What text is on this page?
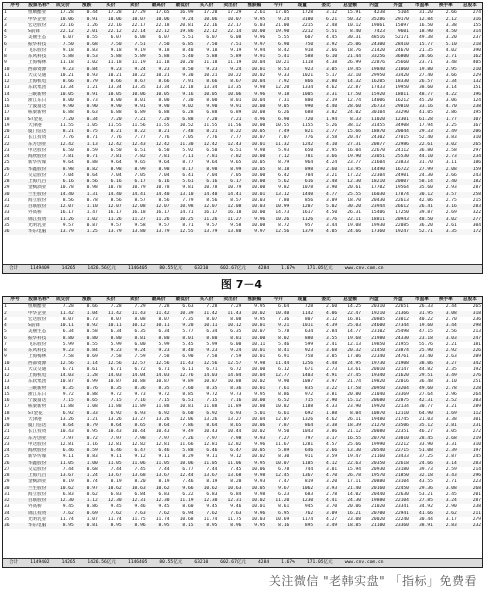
序号	股票名称*	成交价	涨跌	买价	卖价	最高价	最低价	买入价	卖出价	涨跌幅	今开	现量	委比	总金额	内盘	外盘	市盈率	换手率	总股本
1	恒顺醋业	17.28	0.44	17.28	17.29	17.65	16.99	17.28	17.29	2.61	17.05	1728	3.12	15.91	4238	5104	31.20	2.66	274
2	中华企业	10.06	0.91	10.06	10.07	10.06	9.24	10.06	10.07	9.95	9.24	3100	6.21	50.32	35286	29170	12.84	2.12	316
3	宏达股份	22.16	1.26	22.16	22.17	22.18	20.81	22.16	22.17	6.03	21.00	2215	2.48	10.12	19861	15097	16.50	3.38	155
4	S前锋	22.12	2.01	22.12	22.14	22.12	19.86	22.12	22.14	10.00	19.90	2212	5.51	8.40	7423	9601	18.90	4.50	314
5	美丽生态	6.07	0.55	6.07	6.08	6.07	5.51	6.07	6.08	9.96	5.55	607	4.45	30.31	48516	52171	49.38	3.20	237
6	振华科技	7.50	0.68	7.50	7.51	7.50	6.85	7.50	7.51	9.97	6.90	750	3.92	25.06	24300	28410	15.77	5.10	218
7	飞乐股份	9.18	0.83	9.18	9.19	9.18	8.40	9.18	9.19	9.94	8.42	918	2.66	18.76	21420	24670	21.35	4.02	390
8	东风科技	5.88	0.53	5.88	5.89	5.88	5.40	5.88	5.89	9.91	5.41	588	6.10	21.44	33256	36800	28.66	2.71	162
9	上海梅林	11.18	1.02	11.18	11.19	11.18	10.20	11.18	11.19	10.04	10.21	1118	4.38	26.99	22876	25660	23.71	3.48	405
10	西部资源	9.23	0.84	9.23	9.24	9.23	8.50	9.23	9.24	10.01	8.53	923	3.05	19.45	19840	21060	19.80	2.95	210
11	大众交通	10.21	0.93	10.21	10.22	10.21	9.30	10.21	10.22	10.02	9.33	1021	5.17	32.10	29950	33420	27.40	3.66	229
12	上海机电	8.66	0.79	8.66	8.67	8.66	7.91	8.66	8.67	10.04	7.92	866	2.80	14.32	16205	18330	26.57	2.34	132
13	东软集团	13.34	1.21	13.34	13.35	13.34	12.18	13.34	13.35	9.98	12.20	1334	4.62	22.87	17433	19950	38.60	3.14	151
14	三峡新材	10.05	0.91	10.05	10.06	10.05	9.16	10.05	10.06	9.96	9.18	1005	3.31	17.50	15920	18011	48.77	4.22	196
15	浙江东日	8.00	0.73	8.00	8.01	8.00	7.30	8.00	8.01	10.04	7.31	800	2.19	12.74	14006	16212	45.20	3.06	124
16	宁波富达	9.90	0.90	9.90	9.91	9.90	9.02	9.90	9.91	10.00	9.05	990	4.40	28.60	26733	29810	33.16	4.70	238
17	栋梁新材	6.88	0.63	6.88	6.89	6.88	6.28	6.88	6.89	10.08	6.26	688	3.82	24.02	30104	33290	41.05	2.86	195
18	ST金花	7.20	0.34	7.20	7.21	7.20	6.88	7.20	7.21	4.96	6.90	720	1.94	8.33	11020	12301	61.28	1.77	107
19	天津港	11.55	1.05	11.55	11.56	11.55	10.52	11.55	11.56	10.00	10.55	1155	5.26	38.12	31455	34908	17.94	3.25	167
20	厦门信达	8.21	0.75	8.21	8.22	8.21	7.48	8.21	8.22	10.05	7.49	821	2.77	15.66	18870	20044	29.33	2.49	206
21	长江投资	7.76	0.71	7.76	7.77	7.76	7.05	7.76	7.77	10.07	7.07	776	3.58	20.47	24302	27015	52.40	3.83	310
22	东方创业	12.42	1.13	12.42	12.43	12.42	11.30	12.42	12.43	10.01	11.32	1242	4.10	27.31	20877	22986	22.61	3.02	265
23	申达股份	6.50	0.59	6.50	6.51	6.50	5.92	6.50	6.51	9.98	5.93	650	2.95	16.04	22670	24112	36.80	2.58	297
24	海欣股份	7.81	0.71	7.81	7.82	7.81	7.11	7.81	7.82	10.00	7.12	781	3.66	19.90	23051	25530	44.10	2.73	234
25	新华传媒	9.64	0.88	9.64	9.65	9.64	8.77	9.64	9.65	10.05	8.79	964	4.24	23.77	21604	23833	31.70	3.11	186
26	华鑫股份	8.98	0.82	8.98	8.99	8.98	8.17	8.98	8.99	10.05	8.18	898	2.60	13.95	14490	16722	27.99	2.08	159
27	交运股份	7.04	0.64	7.04	7.05	7.04	6.41	7.04	7.05	10.00	6.42	704	3.21	17.22	22304	24901	24.30	2.66	243
28	上海九百	6.16	0.56	6.16	6.17	6.16	5.61	6.16	6.17	10.00	5.62	616	2.48	12.30	18210	20007	58.14	2.40	182
29	金枫酒业	10.78	0.98	10.78	10.79	10.78	9.81	10.78	10.79	10.00	9.82	1078	3.90	20.61	17702	19564	35.60	2.93	287
30	兰生股份	14.40	1.31	14.40	14.41	14.40	13.10	14.40	14.41	10.01	13.12	1440	4.77	25.55	16030	17874	30.12	3.57	258
31	海立股份	8.56	0.78	8.56	8.57	8.56	7.79	8.56	8.57	10.03	7.80	856	3.09	18.70	20430	22613	42.06	2.75	215
32	百联股份	12.07	1.10	12.07	12.08	12.07	10.98	12.07	12.08	10.03	10.99	1207	5.02	30.20	23944	26612	26.41	3.16	283
33	外高桥	16.17	1.47	16.17	16.18	16.17	14.71	16.17	16.18	10.00	14.73	1617	4.50	26.31	15406	17250	39.87	2.69	322
34	锦江投资	11.26	1.02	11.26	11.27	11.26	10.25	11.26	11.27	9.96	10.26	1126	3.76	22.11	18811	20943	48.50	3.02	277
35	光明乳业	9.57	0.87	9.57	9.58	9.57	8.71	9.57	9.58	10.00	8.72	957	3.44	19.08	19930	22085	36.20	2.61	304
36	华东电脑	13.79	1.25	13.79	13.80	13.79	12.55	13.79	13.80	9.97	12.56	1379	4.05	24.66	17360	19247	52.71	3.35	172
合计	1149409	14265	1426.56亿元	1146405	80.55亿元	63210	602.67亿元	4284	1.67%	171.05亿元	www.cnv.com.cn
图 7－4
序号	股票名称*	成交价	涨跌	买价	卖价	最高价	最低价	买入价	卖出价	涨跌幅	今开	现量	委比	总金额	内盘	外盘	市盈率	换手率	总股本
1	恒顺醋业	7.28	0.66	7.28	7.29	7.28	6.63	7.28	7.29	9.95	6.64	728	2.60	14.25	20310	22651	26.33	2.44	265
2	中华企业	11.42	1.04	11.42	11.43	11.42	10.39	11.42	11.43	10.02	10.40	1142	4.06	22.47	19210	21366	31.95	3.08	318
3	宏达股份	8.07	0.73	8.07	8.08	8.07	7.35	8.07	8.08	9.95	7.36	807	3.12	16.81	20805	23012	40.22	2.70	236
4	S前锋	10.11	0.92	10.11	10.12	10.11	9.20	10.11	10.12	10.01	9.21	1011	4.39	25.03	24600	27344	19.60	3.44	298
5	美丽生态	6.34	0.58	6.34	6.35	6.34	5.77	6.34	6.35	10.07	5.78	634	2.84	14.77	23102	25498	47.15	2.56	213
6	振华科技	8.80	0.80	8.80	8.81	8.80	8.01	8.80	8.81	10.00	8.02	880	3.55	19.68	21980	24330	23.18	3.03	247
7	飞乐股份	5.99	0.55	5.99	6.00	5.99	5.45	5.99	6.00	10.11	5.46	599	2.41	12.13	19850	21955	55.76	2.21	181
8	东风科技	9.23	0.84	9.23	9.24	9.23	8.40	9.23	9.24	10.01	8.41	923	3.68	20.32	21450	23874	25.90	2.92	226
9	上海梅林	7.58	0.69	7.58	7.59	7.58	6.90	7.58	7.59	10.01	6.91	758	3.05	17.06	22340	24761	33.40	2.63	209
10	西部资源	12.56	1.14	12.56	12.57	12.56	11.43	12.56	12.57	9.98	11.44	1256	4.48	24.95	19730	21908	38.06	3.27	342
11	大众交通	6.71	0.61	6.71	6.72	6.71	6.11	6.71	6.72	10.00	6.12	671	2.73	13.61	20010	22147	44.82	2.35	192
12	上海机电	14.03	1.28	14.03	14.04	14.03	12.76	14.03	14.04	10.04	12.77	1403	4.91	27.45	19340	21620	29.51	3.49	276
13	东软集团	10.87	0.99	10.87	10.88	10.87	9.89	10.87	10.88	10.02	9.90	1087	3.97	21.74	19820	22016	36.48	3.10	251
14	三峡新材	8.35	0.76	8.35	8.36	8.35	7.60	8.35	8.36	10.01	7.61	835	3.22	17.58	20950	23204	49.60	2.78	228
15	浙江东日	9.72	0.88	9.72	9.73	9.72	8.85	9.72	9.73	9.95	8.86	972	3.81	20.80	21040	23369	27.64	2.96	264
16	宁波富达	7.15	0.65	7.15	7.16	7.15	6.51	7.15	7.16	10.00	6.52	715	2.90	15.12	20680	22875	42.31	2.52	203
17	栋梁新材	11.88	1.08	11.88	11.89	11.88	10.81	11.88	11.89	10.00	10.82	1188	4.33	23.90	19920	22134	30.77	3.21	289
18	ST金花	6.92	0.33	6.92	6.93	6.92	6.60	6.92	6.93	5.01	6.61	692	1.88	8.04	10870	12110	64.90	1.69	112
19	天津港	13.26	1.21	13.26	13.27	13.26	12.06	13.26	13.27	10.04	12.07	1326	4.62	26.11	19480	21745	21.03	3.38	301
20	厦门信达	8.64	0.79	8.64	8.65	8.64	7.86	8.64	8.65	10.06	7.87	864	3.38	18.39	21270	23506	35.12	2.81	231
21	长江投资	10.43	0.95	10.43	10.44	10.43	9.49	10.43	10.44	10.02	9.50	1043	3.86	21.12	20080	22351	46.27	3.05	272
22	东方创业	7.97	0.72	7.97	7.98	7.97	7.26	7.97	7.98	9.93	7.27	797	3.17	16.55	20770	23010	28.45	2.68	219
23	申达股份	12.81	1.16	12.81	12.82	12.81	11.66	12.81	12.82	9.96	11.67	1281	4.57	25.66	19990	22212	33.90	3.31	310
24	海欣股份	6.46	0.59	6.46	6.47	6.46	5.88	6.46	6.47	10.05	5.89	646	2.66	13.30	20540	22715	51.08	2.39	197
25	新华传媒	9.11	0.83	9.11	9.12	9.11	8.29	9.11	9.12	10.02	8.30	911	3.59	19.47	21160	23433	37.25	2.87	245
26	华鑫股份	11.05	1.00	11.05	11.06	11.05	10.06	11.05	11.06	9.95	10.07	1105	4.12	22.63	20350	22618	24.66	3.14	283
27	交运股份	7.44	0.68	7.44	7.45	7.44	6.77	7.44	7.45	10.06	6.78	744	3.01	15.94	20930	23180	39.73	2.59	214
28	上海九百	13.67	1.24	13.67	13.68	13.67	12.44	13.67	13.68	9.98	12.45	1367	4.70	26.78	19570	21850	32.18	3.43	296
29	金枫酒业	8.19	0.74	8.19	8.20	8.19	7.46	8.19	8.20	9.93	7.47	819	3.20	17.11	20880	23104	43.55	2.71	223
30	兰生股份	10.62	0.97	10.62	10.63	10.62	9.66	10.62	10.63	10.05	9.67	1062	3.93	21.40	20160	22450	29.36	3.08	268
31	海立股份	6.83	0.62	6.83	6.84	6.83	6.22	6.83	6.84	9.98	6.23	683	2.78	14.02	20440	22630	53.21	2.45	201
32	百联股份	12.30	1.12	12.30	12.31	12.30	11.19	12.30	12.31	10.02	11.20	1230	4.41	24.30	19880	22104	27.85	3.24	287
33	外高桥	9.45	0.86	9.45	9.46	9.45	8.60	9.45	9.46	10.01	8.61	945	3.70	20.06	21020	23341	34.92	2.90	238
34	锦江投资	7.62	0.69	7.62	7.63	7.62	6.94	7.62	7.63	9.96	6.95	762	3.09	16.21	20700	22941	41.66	2.62	211
35	光明乳业	11.74	1.07	11.74	11.75	11.74	10.68	11.74	11.75	10.03	10.69	1174	4.27	23.08	20020	22240	30.44	3.17	279
36	华东电脑	8.95	0.81	8.95	8.96	8.95	8.15	8.95	8.96	9.95	8.16	895	3.49	18.85	21100	23360	38.91	2.83	232
合计	1149402	14265	1426.56亿元	1146405	80.55亿元	63210	602.67亿元	4284	1.67%	171.05亿元	www.cnv.com.cn
关注微信 "老韩实盘" 「指标」免费看
